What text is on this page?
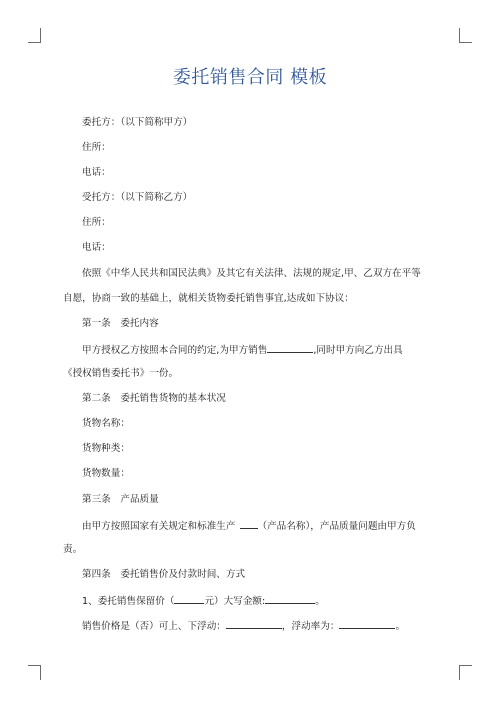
委托销售合同 模板
委托方：（以下简称甲方）
住所：
电话：
受托方：（以下简称乙方）
住所：
电话：
依照《中华人民共和国民法典》及其它有关法律、法规的规定,甲、乙双方在平等
自愿，协商一致的基础上，就相关货物委托销售事宜,达成如下协议：
第一条　委托内容
甲方授权乙方按照本合同的约定,为甲方销售	,同时甲方向乙方出具
《授权销售委托书》一份。
第二条　委托销售货物的基本状况
货物名称：
货物种类：
货物数量：
第三条　产品质量
由甲方按照国家有关规定和标准生产 （产品名称），产品质量问题由甲方负
责。
第四条　委托销售价及付款时间、方式
1、委托销售保留价（	元）大写金额:	。
销售价格是（否）可上、下浮动：	，浮动率为：	。
